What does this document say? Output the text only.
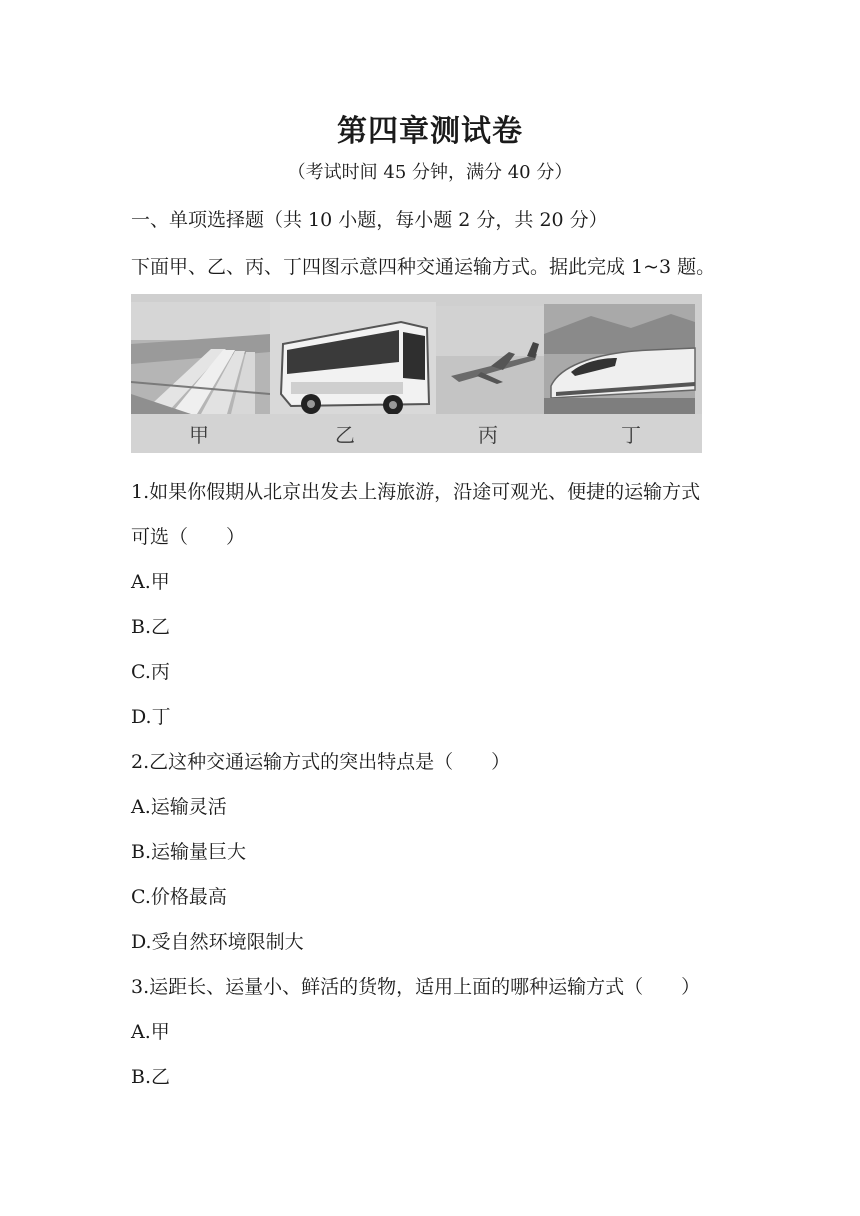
第四章测试卷
（考试时间 45 分钟，满分 40 分）
一、单项选择题（共 10 小题，每小题 2 分，共 20 分）
下面甲、乙、丙、丁四图示意四种交通运输方式。据此完成 1~3 题。
甲	乙	丙	丁
1.如果你假期从北京出发去上海旅游，沿途可观光、便捷的运输方式
可选（　　）
A.甲
B.乙
C.丙
D.丁
2.乙这种交通运输方式的突出特点是（　　）
A.运输灵活
B.运输量巨大
C.价格最高
D.受自然环境限制大
3.运距长、运量小、鲜活的货物，适用上面的哪种运输方式（　　）
A.甲
B.乙
